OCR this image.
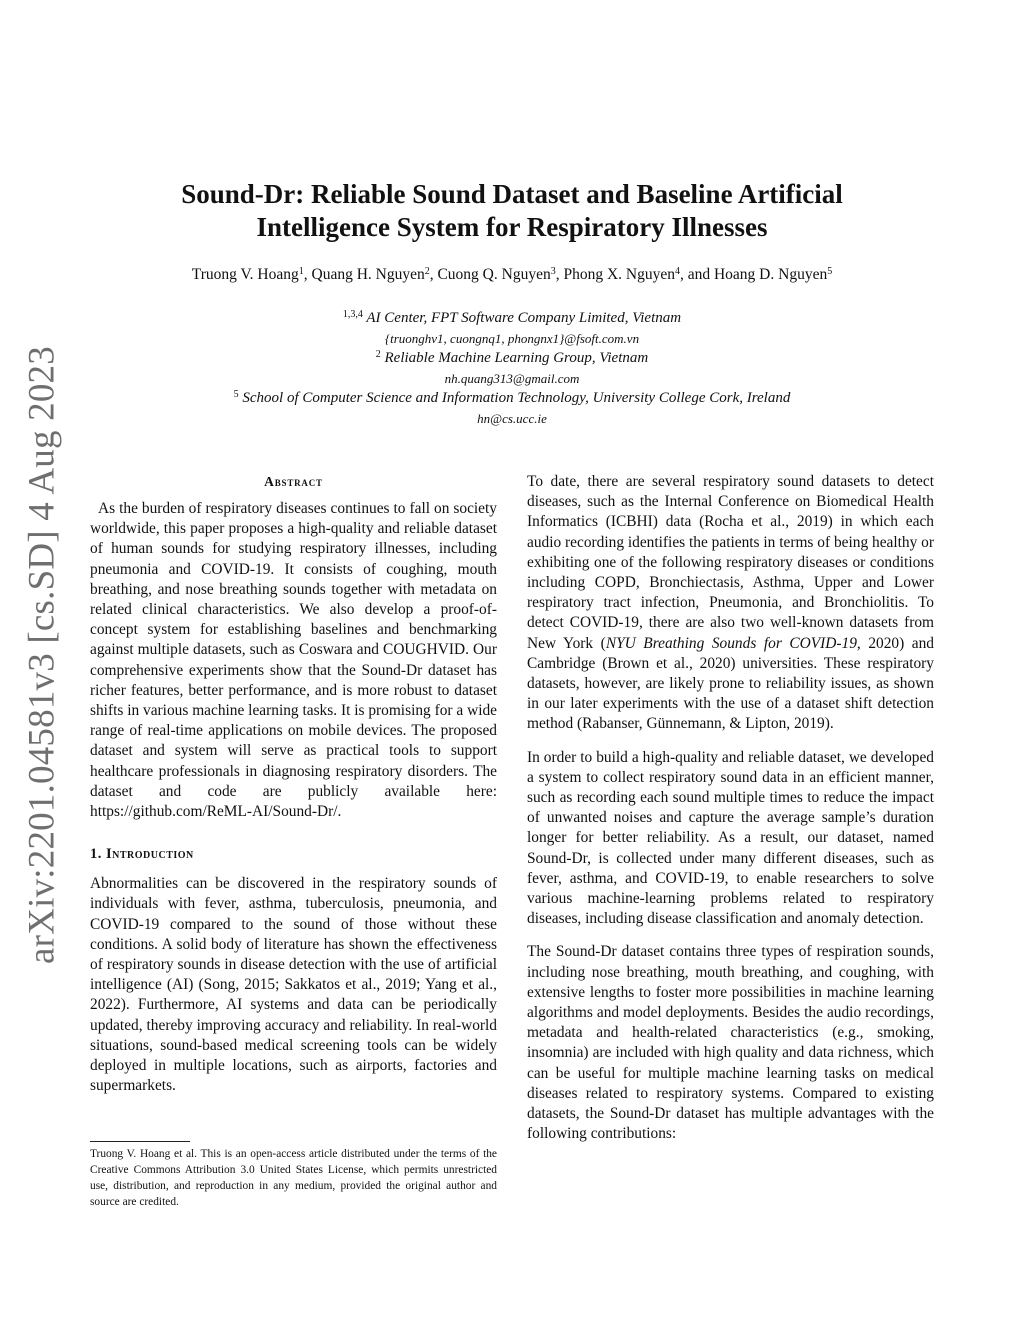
arXiv:2201.04581v3 [cs.SD] 4 Aug 2023
Sound-Dr: Reliable Sound Dataset and Baseline Artificial Intelligence System for Respiratory Illnesses

Truong V. Hoang$^1$, Quang H. Nguyen$^2$, Cuong Q. Nguyen$^3$, Phong X. Nguyen$^4$, and Hoang D. Nguyen$^5$

$^{1,3,4}$ AI Center, FPT Software Company Limited, Vietnam

{truonghv1, cuongnq1, phongnx1}@fsoft.com.vn

$^2$ Reliable Machine Learning Group, Vietnam

nh.quang313@gmail.com

$^5$ School of Computer Science and Information Technology, University College Cork, Ireland

hn@cs.ucc.ie

Abstract

As the burden of respiratory diseases continues to fall on society worldwide, this paper proposes a high-quality and reliable dataset of human sounds for studying respiratory illnesses, including pneumonia and COVID-19. It consists of coughing, mouth breathing, and nose breathing sounds together with metadata on related clinical characteristics. We also develop a proof-of-concept system for establishing baselines and benchmarking against multiple datasets, such as Coswara and COUGHVID. Our comprehensive experiments show that the Sound-Dr dataset has richer features, better performance, and is more robust to dataset shifts in various machine learning tasks. It is promising for a wide range of real-time applications on mobile devices. The proposed dataset and system will serve as practical tools to support healthcare professionals in diagnosing respiratory disorders. The dataset and code are publicly available here: https://github.com/ReML-AI/Sound-Dr/.

1. Introduction

Abnormalities can be discovered in the respiratory sounds of individuals with fever, asthma, tuberculosis, pneumonia, and COVID-19 compared to the sound of those without these conditions. A solid body of literature has shown the effectiveness of respiratory sounds in disease detection with the use of artificial intelligence (AI) (Song, 2015; Sakkatos et al., 2019; Yang et al., 2022). Furthermore, AI systems and data can be periodically updated, thereby improving accuracy and reliability. In real-world situations, sound-based medical screening tools can be widely deployed in multiple locations, such as airports, factories and supermarkets.

To date, there are several respiratory sound datasets to detect diseases, such as the Internal Conference on Biomedical Health Informatics (ICBHI) data (Rocha et al., 2019) in which each audio recording identifies the patients in terms of being healthy or exhibiting one of the following respiratory diseases or conditions including COPD, Bronchiectasis, Asthma, Upper and Lower respiratory tract infection, Pneumonia, and Bronchiolitis. To detect COVID-19, there are also two well-known datasets from New York (NYU Breathing Sounds for COVID-19, 2020) and Cambridge (Brown et al., 2020) universities. These respiratory datasets, however, are likely prone to reliability issues, as shown in our later experiments with the use of a dataset shift detection method (Rabanser, Günnemann, & Lipton, 2019).

In order to build a high-quality and reliable dataset, we developed a system to collect respiratory sound data in an efficient manner, such as recording each sound multiple times to reduce the impact of unwanted noises and capture the average sample’s duration longer for better reliability. As a result, our dataset, named Sound-Dr, is collected under many different diseases, such as fever, asthma, and COVID-19, to enable researchers to solve various machine-learning problems related to respiratory diseases, including disease classification and anomaly detection.

The Sound-Dr dataset contains three types of respiration sounds, including nose breathing, mouth breathing, and coughing, with extensive lengths to foster more possibilities in machine learning algorithms and model deployments. Besides the audio recordings, metadata and health-related characteristics (e.g., smoking, insomnia) are included with high quality and data richness, which can be useful for multiple machine learning tasks on medical diseases related to respiratory systems. Compared to existing datasets, the Sound-Dr dataset has multiple advantages with the following contributions:

Truong V. Hoang et al. This is an open-access article distributed under the terms of the Creative Commons Attribution 3.0 United States License, which permits unrestricted use, distribution, and reproduction in any medium, provided the original author and source are credited.
